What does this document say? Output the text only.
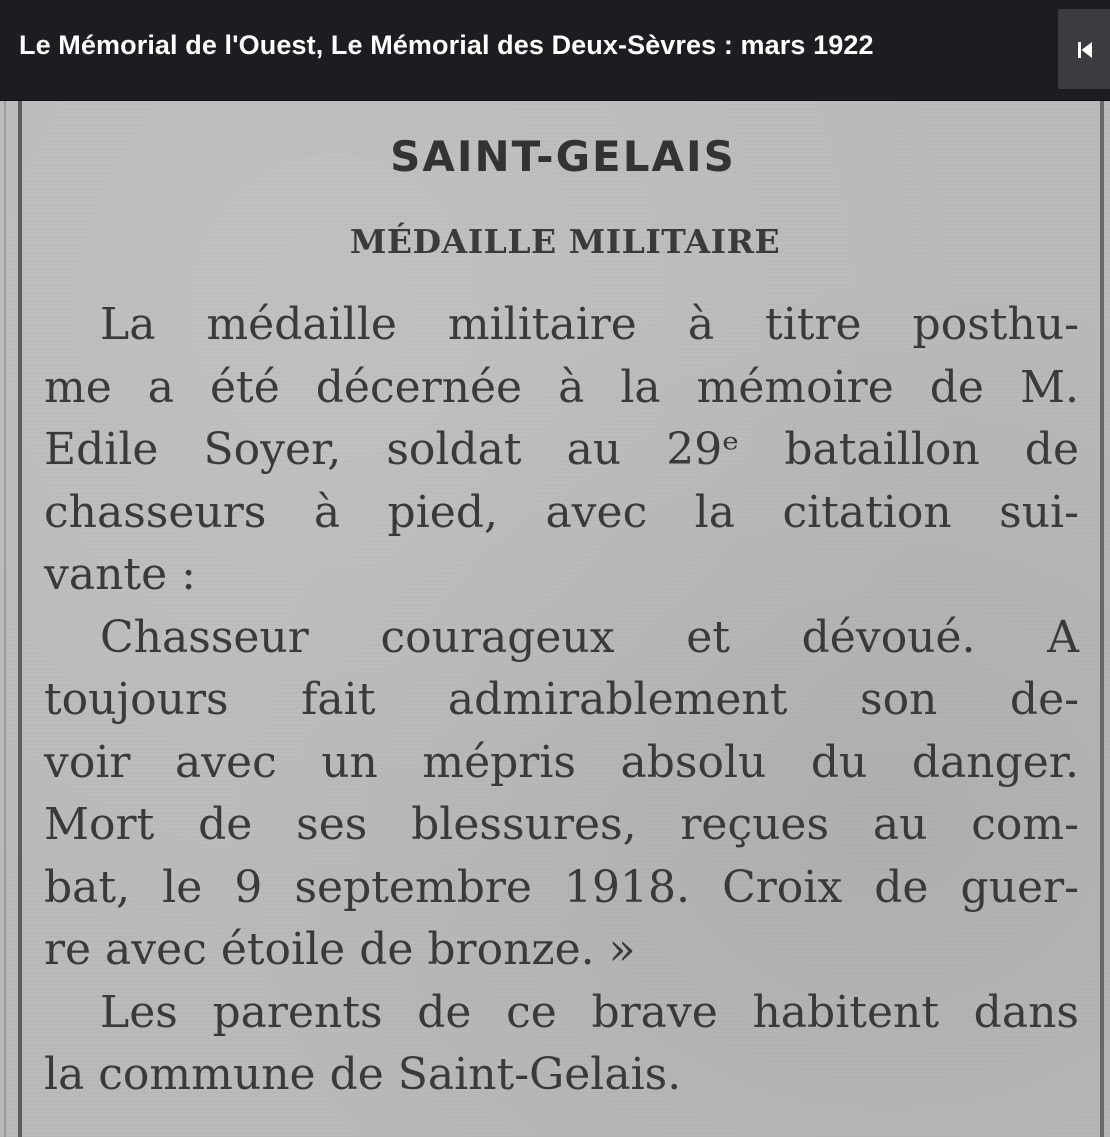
Le Mémorial de l'Ouest, Le Mémorial des Deux-Sèvres : mars 1922
SAINT-GELAIS
MÉDAILLE MILITAIRE
La médaille militaire à titre posthu-
me a été décernée à la mémoire de M.
Edile Soyer, soldat au 29ᵉ bataillon de
chasseurs à pied, avec la citation sui-
vante :
Chasseur courageux et dévoué. A
toujours fait admirablement son de-
voir avec un mépris absolu du danger.
Mort de ses blessures, reçues au com-
bat, le 9 septembre 1918. Croix de guer-
re avec étoile de bronze. »
Les parents de ce brave habitent dans
la commune de Saint-Gelais.
